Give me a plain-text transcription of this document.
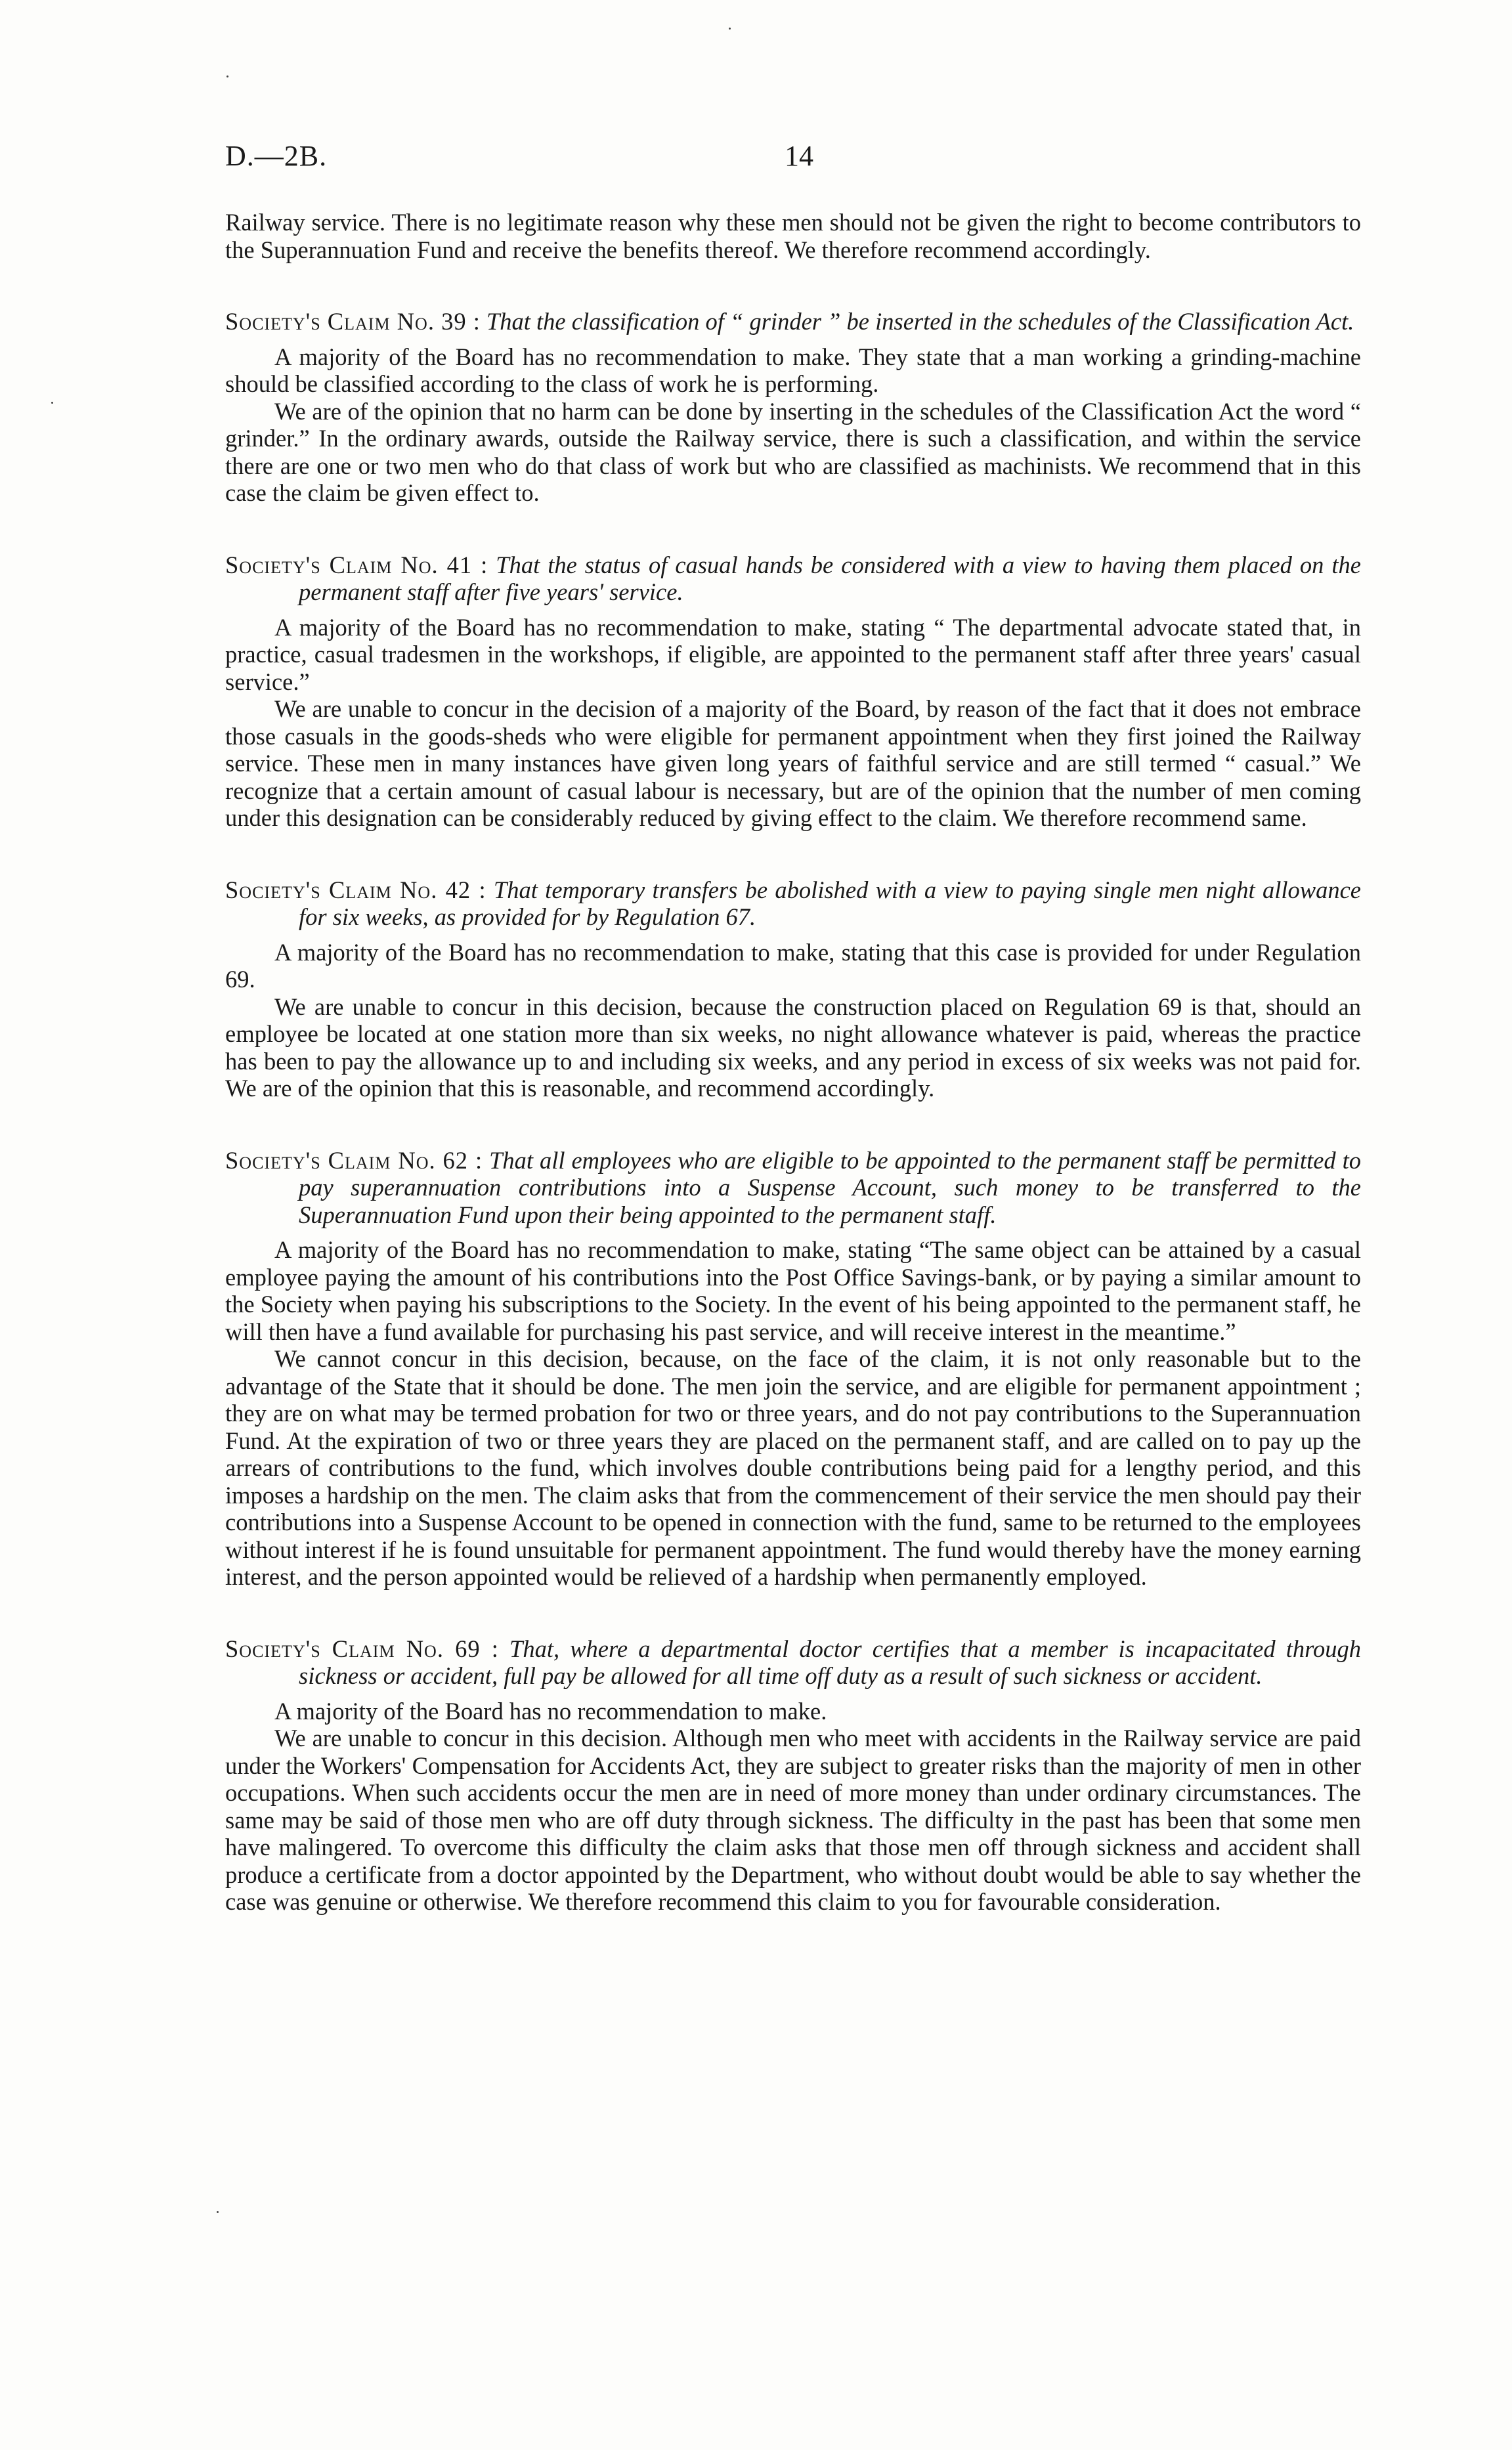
D.—2B.	14

Railway service. There is no legitimate reason why these men should not be given the right to become contributors to the Superannuation Fund and receive the benefits thereof. We therefore recommend accordingly.

Society's Claim No. 39 : That the classification of “ grinder ” be inserted in the schedules of the Classification Act.

A majority of the Board has no recommendation to make. They state that a man working a grinding-machine should be classified according to the class of work he is performing.

We are of the opinion that no harm can be done by inserting in the schedules of the Classification Act the word “ grinder.” In the ordinary awards, outside the Railway service, there is such a classification, and within the service there are one or two men who do that class of work but who are classified as machinists. We recommend that in this case the claim be given effect to.

Society's Claim No. 41 : That the status of casual hands be considered with a view to having them placed on the permanent staff after five years' service.

A majority of the Board has no recommendation to make, stating “ The departmental advocate stated that, in practice, casual tradesmen in the workshops, if eligible, are appointed to the permanent staff after three years' casual service.”

We are unable to concur in the decision of a majority of the Board, by reason of the fact that it does not embrace those casuals in the goods-sheds who were eligible for permanent appointment when they first joined the Railway service. These men in many instances have given long years of faithful service and are still termed “ casual.” We recognize that a certain amount of casual labour is necessary, but are of the opinion that the number of men coming under this designation can be considerably reduced by giving effect to the claim. We therefore recommend same.

Society's Claim No. 42 : That temporary transfers be abolished with a view to paying single men night allowance for six weeks, as provided for by Regulation 67.

A majority of the Board has no recommendation to make, stating that this case is provided for under Regulation 69.

We are unable to concur in this decision, because the construction placed on Regulation 69 is that, should an employee be located at one station more than six weeks, no night allowance whatever is paid, whereas the practice has been to pay the allowance up to and including six weeks, and any period in excess of six weeks was not paid for. We are of the opinion that this is reasonable, and recommend accordingly.

Society's Claim No. 62 : That all employees who are eligible to be appointed to the permanent staff be permitted to pay superannuation contributions into a Suspense Account, such money to be transferred to the Superannuation Fund upon their being appointed to the permanent staff.

A majority of the Board has no recommendation to make, stating “The same object can be attained by a casual employee paying the amount of his contributions into the Post Office Savings-bank, or by paying a similar amount to the Society when paying his subscriptions to the Society. In the event of his being appointed to the permanent staff, he will then have a fund available for purchasing his past service, and will receive interest in the meantime.”

We cannot concur in this decision, because, on the face of the claim, it is not only reasonable but to the advantage of the State that it should be done. The men join the service, and are eligible for permanent appointment ; they are on what may be termed probation for two or three years, and do not pay contributions to the Superannuation Fund. At the expiration of two or three years they are placed on the permanent staff, and are called on to pay up the arrears of contributions to the fund, which involves double contributions being paid for a lengthy period, and this imposes a hardship on the men. The claim asks that from the commencement of their service the men should pay their contributions into a Suspense Account to be opened in connection with the fund, same to be returned to the employees without interest if he is found unsuitable for permanent appointment. The fund would thereby have the money earning interest, and the person appointed would be relieved of a hardship when permanently employed.

Society's Claim No. 69 : That, where a departmental doctor certifies that a member is incapacitated through sickness or accident, full pay be allowed for all time off duty as a result of such sickness or accident.

A majority of the Board has no recommendation to make.

We are unable to concur in this decision. Although men who meet with accidents in the Railway service are paid under the Workers' Compensation for Accidents Act, they are subject to greater risks than the majority of men in other occupations. When such accidents occur the men are in need of more money than under ordinary circumstances. The same may be said of those men who are off duty through sickness. The difficulty in the past has been that some men have malingered. To overcome this difficulty the claim asks that those men off through sickness and accident shall produce a certificate from a doctor appointed by the Department, who without doubt would be able to say whether the case was genuine or otherwise. We therefore recommend this claim to you for favourable consideration.
